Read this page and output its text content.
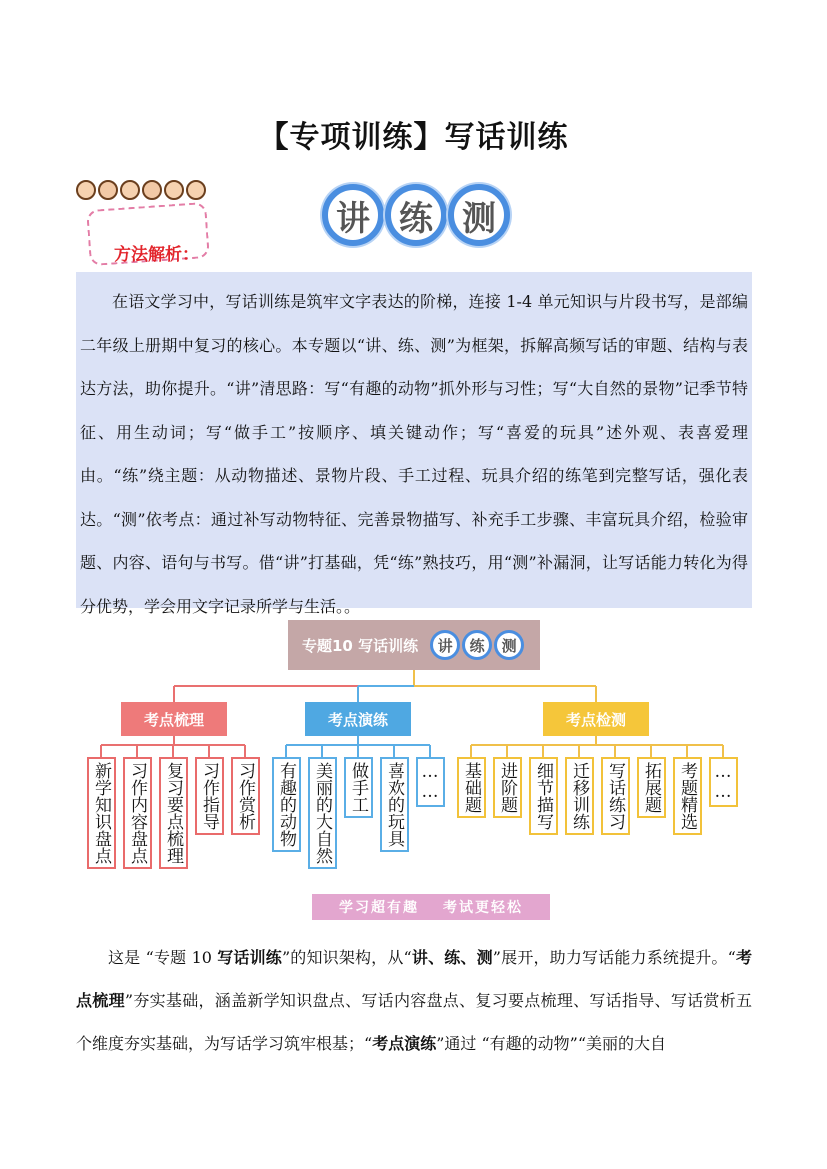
【专项训练】写话训练
方法解析：
讲 练 测

在语文学习中，写话训练是筑牢文字表达的阶梯，连接 1-4 单元知识与片段书写，是部编二年级上册期中复习的核心。本专题以“讲、练、测”为框架，拆解高频写话的审题、结构与表达方法，助你提升。“讲”清思路：写“有趣的动物”抓外形与习性；写“大自然的景物”记季节特征、用生动词；写“做手工”按顺序、填关键动作；写“喜爱的玩具”述外观、表喜爱理由。“练”绕主题：从动物描述、景物片段、手工过程、玩具介绍的练笔到完整写话，强化表达。“测”依考点：通过补写动物特征、完善景物描写、补充手工步骤、丰富玩具介绍，检验审题、内容、语句与书写。借“讲”打基础，凭“练”熟技巧，用“测”补漏洞，让写话能力转化为得分优势，学会用文字记录所学与生活。。

专题10 写话训练	讲	练	测
考点梳理	考点演练	考点检测
新学知识盘点 习作内容盘点 复习要点梳理 习作指导 习作赏析 有趣的动物 美丽的大自然 做手工 喜欢的玩具 …… 基础题 进阶题 细节描写 迁移训练 写话练习 拓展题 考题精选 ……
学习超有趣 考试更轻松

这是 “专题 10 写话训练”的知识架构，从“讲、练、测”展开，助力写话能力系统提升。“考点梳理”夯实基础，涵盖新学知识盘点、写话内容盘点、复习要点梳理、写话指导、写话赏析五个维度夯实基础，为写话学习筑牢根基；“考点演练”通过 “有趣的动物”“美丽的大自
